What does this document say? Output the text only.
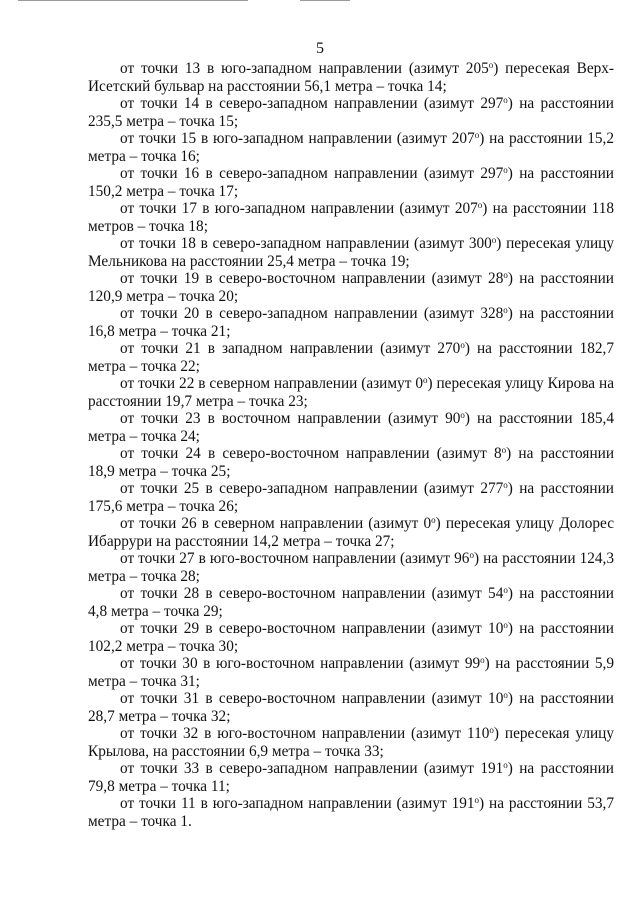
5

от точки 13 в юго-западном направлении (азимут 205$^o$) пересекая Верх-Исетский бульвар на расстоянии 56,1 метра – точка 14;

от точки 14 в северо-западном направлении (азимут 297$^o$) на расстоянии 235,5 метра – точка 15;

от точки 15 в юго-западном направлении (азимут 207$^o$) на расстоянии 15,2 метра – точка 16;

от точки 16 в северо-западном направлении (азимут 297$^o$) на расстоянии 150,2 метра – точка 17;

от точки 17 в юго-западном направлении (азимут 207$^o$) на расстоянии 118 метров – точка 18;

от точки 18 в северо-западном направлении (азимут 300$^o$) пересекая улицу Мельникова на расстоянии 25,4 метра – точка 19;

от точки 19 в северо-восточном направлении (азимут 28$^o$) на расстоянии 120,9 метра – точка 20;

от точки 20 в северо-западном направлении (азимут 328$^o$) на расстоянии 16,8 метра – точка 21;

от точки 21 в западном направлении (азимут 270$^o$) на расстоянии 182,7 метра – точка 22;

от точки 22 в северном направлении (азимут 0$^o$) пересекая улицу Кирова на расстоянии 19,7 метра – точка 23;

от точки 23 в восточном направлении (азимут 90$^o$) на расстоянии 185,4 метра – точка 24;

от точки 24 в северо-восточном направлении (азимут 8$^o$) на расстоянии 18,9 метра – точка 25;

от точки 25 в северо-западном направлении (азимут 277$^o$) на расстоянии 175,6 метра – точка 26;

от точки 26 в северном направлении (азимут 0$^o$) пересекая улицу Долорес Ибаррури на расстоянии 14,2 метра – точка 27;

от точки 27 в юго-восточном направлении (азимут 96$^o$) на расстоянии 124,3 метра – точка 28;

от точки 28 в северо-восточном направлении (азимут 54$^o$) на расстоянии 4,8 метра – точка 29;

от точки 29 в северо-восточном направлении (азимут 10$^o$) на расстоянии 102,2 метра – точка 30;

от точки 30 в юго-восточном направлении (азимут 99$^o$) на расстоянии 5,9 метра – точка 31;

от точки 31 в северо-восточном направлении (азимут 10$^o$) на расстоянии 28,7 метра – точка 32;

от точки 32 в юго-восточном направлении (азимут 110$^o$) пересекая улицу Крылова, на расстоянии 6,9 метра – точка 33;

от точки 33 в северо-западном направлении (азимут 191$^o$) на расстоянии 79,8 метра – точка 11;

от точки 11 в юго-западном направлении (азимут 191$^o$) на расстоянии 53,7 метра – точка 1.
